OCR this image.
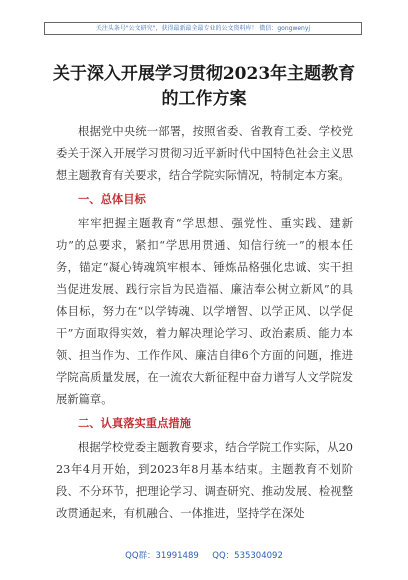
关注头条号"公文研究"，获得最新最全最专业的公文资料库！ 微信：gongwenyj
关于深入开展学习贯彻2023年主题教育
的工作方案

根据党中央统一部署，按照省委、省教育工委、学校党委关于深入开展学习贯彻习近平新时代中国特色社会主义思想主题教育有关要求，结合学院实际情况，特制定本方案。

一、总体目标

牢牢把握主题教育“学思想、强党性、重实践、建新功”的总要求，紧扣“学思用贯通、知信行统一”的根本任务，锚定“凝心铸魂筑牢根本、锤炼品格强化忠诚、实干担当促进发展、践行宗旨为民造福、廉洁奉公树立新风”的具体目标，努力在“以学铸魂、以学增智、以学正风、以学促干”方面取得实效，着力解决理论学习、政治素质、能力本领、担当作为、工作作风、廉洁自律6个方面的问题，推进学院高质量发展，在一流农大新征程中奋力谱写人文学院发展新篇章。

二、认真落实重点措施

根据学校党委主题教育要求，结合学院工作实际，从2023年4月开始，到2023年8月基本结束。主题教育不划阶段、不分环节，把理论学习、调查研究、推动发展、检视整改贯通起来，有机融合、一体推进，坚持学在深处

QQ群：31991489     QQ：535304092
